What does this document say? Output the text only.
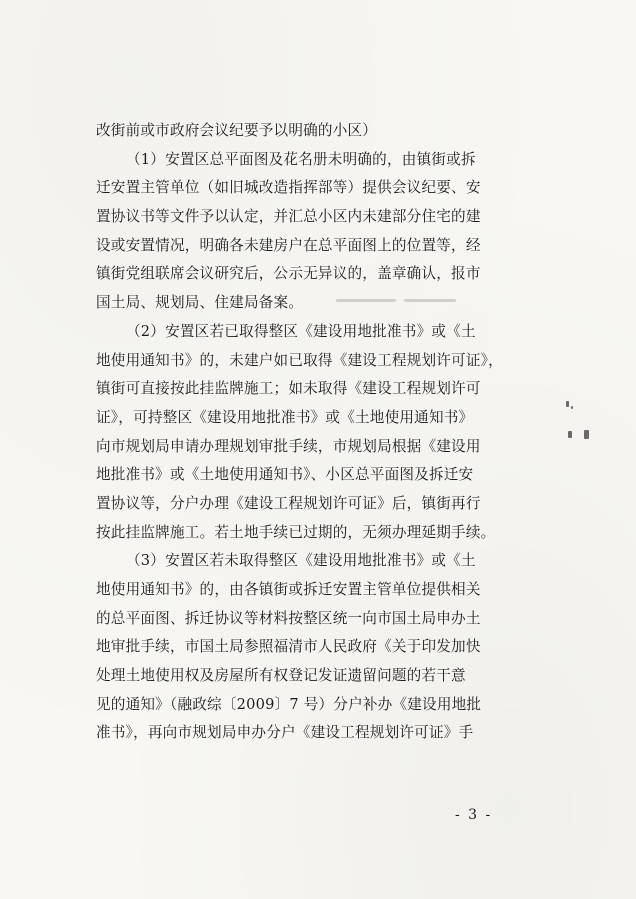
改街前或市政府会议纪要予以明确的小区）
（1）安置区总平面图及花名册未明确的，由镇街或拆
迁安置主管单位（如旧城改造指挥部等）提供会议纪要、安
置协议书等文件予以认定，并汇总小区内未建部分住宅的建
设或安置情况，明确各未建房户在总平面图上的位置等，经
镇街党组联席会议研究后，公示无异议的，盖章确认，报市
国土局、规划局、住建局备案。
（2）安置区若已取得整区《建设用地批准书》或《土
地使用通知书》的，未建户如已取得《建设工程规划许可证》，
镇街可直接按此挂监牌施工；如未取得《建设工程规划许可
证》，可持整区《建设用地批准书》或《土地使用通知书》
向市规划局申请办理规划审批手续，市规划局根据《建设用
地批准书》或《土地使用通知书》、小区总平面图及拆迁安
置协议等，分户办理《建设工程规划许可证》后，镇街再行
按此挂监牌施工。若土地手续已过期的，无须办理延期手续。
（3）安置区若未取得整区《建设用地批准书》或《土
地使用通知书》的，由各镇街或拆迁安置主管单位提供相关
的总平面图、拆迁协议等材料按整区统一向市国土局申办土
地审批手续，市国土局参照福清市人民政府《关于印发加快
处理土地使用权及房屋所有权登记发证遗留问题的若干意
见的通知》（融政综〔2009〕7 号）分户补办《建设用地批
准书》，再向市规划局申办分户《建设工程规划许可证》手
- 3 -
